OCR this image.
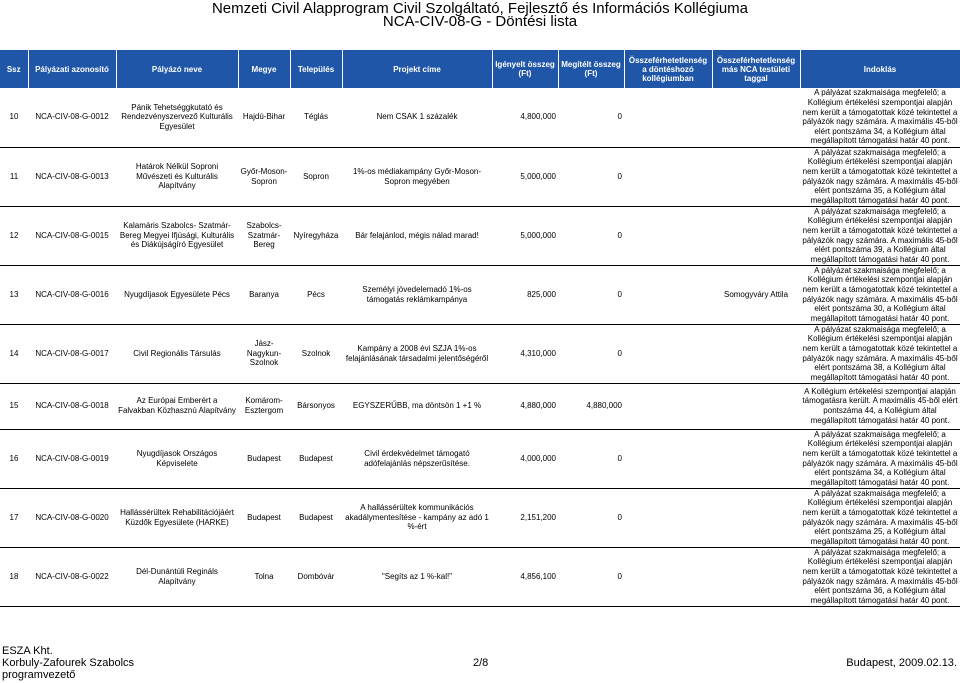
Nemzeti Civil Alapprogram Civil Szolgáltató, Fejlesztő és Információs Kollégiuma
NCA-CIV-08-G - Döntési lista
Ssz	Pályázati azonosító	Pályázó neve	Megye	Település	Projekt címe	Igényelt összeg (Ft)	Megítélt összeg (Ft)	Összeférhetetlenség a döntéshozó kollégiumban	Összeférhetetlenség más NCA testületi taggal	Indoklás
10	NCA-CIV-08-G-0012	Pánik Tehetséggkutató és Rendezvényszervező Kulturális Egyesület	Hajdú-Bihar	Téglás	Nem CSAK 1 százalék	4,800,000	0			A pályázat szakmaisága megfelelő; a Kollégium értékelési szempontjai alapján nem került a támogatottak közé tekintettel a pályázók nagy számára. A maximális 45-ből elért pontszáma 34, a Kollégium által megállapított támogatási határ 40 pont.
11	NCA-CIV-08-G-0013	Határok Nélkül Soproni Művészeti és Kulturális Alapítvány	Győr-Moson-Sopron	Sopron	1%-os médiakampány Győr-Moson-Sopron megyében	5,000,000	0			A pályázat szakmaisága megfelelő; a Kollégium értékelési szempontjai alapján nem került a támogatottak közé tekintettel a pályázók nagy számára. A maximális 45-ből elért pontszáma 35, a Kollégium által megállapított támogatási határ 40 pont.
12	NCA-CIV-08-G-0015	Kalamáris Szabolcs- Szatmár-Bereg Megyei Ifjúsági, Kulturális és Diákújságíró Egyesület	Szabolcs-Szatmár-Bereg	Nyíregyháza	Bár felajánlod, mégis nálad marad!	5,000,000	0			A pályázat szakmaisága megfelelő; a Kollégium értékelési szempontjai alapján nem került a támogatottak közé tekintettel a pályázók nagy számára. A maximális 45-ből elért pontszáma 39, a Kollégium által megállapított támogatási határ 40 pont.
13	NCA-CIV-08-G-0016	Nyugdíjasok Egyesülete Pécs	Baranya	Pécs	Személyi jövedelemadó 1%-os támogatás reklámkampánya	825,000	0		Somogyváry Attila	A pályázat szakmaisága megfelelő; a Kollégium értékelési szempontjai alapján nem került a támogatottak közé tekintettel a pályázók nagy számára. A maximális 45-ből elért pontszáma 30, a Kollégium által megállapított támogatási határ 40 pont.
14	NCA-CIV-08-G-0017	Civil Regionális Társulás	Jász-Nagykun-Szolnok	Szolnok	Kampány a 2008 évi SZJA 1%-os felajánlásának társadalmi jelentőségéről	4,310,000	0			A pályázat szakmaisága megfelelő; a Kollégium értékelési szempontjai alapján nem került a támogatottak közé tekintettel a pályázók nagy számára. A maximális 45-ből elért pontszáma 38, a Kollégium által megállapított támogatási határ 40 pont.
15	NCA-CIV-08-G-0018	Az Európai Emberért a Falvakban Közhasznú Alapítvány	Komárom-Esztergom	Bársonyos	EGYSZERŰBB, ma döntsön 1 +1 %	4,880,000	4,880,000			A Kollégium értékelési szempontjai alapján támogatásra került. A maximális 45-ből elért pontszáma 44, a Kollégium által megállapított támogatási határ 40 pont.
16	NCA-CIV-08-G-0019	Nyugdíjasok Országos Képviselete	Budapest	Budapest	Civil érdekvédelmet támogató adófelajánlás népszerűsítése.	4,000,000	0			A pályázat szakmaisága megfelelő; a Kollégium értékelési szempontjai alapján nem került a támogatottak közé tekintettel a pályázók nagy számára. A maximális 45-ből elért pontszáma 34, a Kollégium által megállapított támogatási határ 40 pont.
17	NCA-CIV-08-G-0020	Hallássérültek Rehabilitációjáért Küzdők Egyesülete (HARKE)	Budapest	Budapest	A hallássérültek kommunikációs akadálymentesítése - kampány az adó 1 %-ért	2,151,200	0			A pályázat szakmaisága megfelelő; a Kollégium értékelési szempontjai alapján nem került a támogatottak közé tekintettel a pályázók nagy számára. A maximális 45-ből elért pontszáma 25, a Kollégium által megállapított támogatási határ 40 pont.
18	NCA-CIV-08-G-0022	Dél-Dunántúli Regináls Alapítvány	Tolna	Dombóvár	"Segíts az 1 %-kal!"	4,856,100	0			A pályázat szakmaisága megfelelő; a Kollégium értékelési szempontjai alapján nem került a támogatottak közé tekintettel a pályázók nagy számára. A maximális 45-ből elért pontszáma 36, a Kollégium által megállapított támogatási határ 40 pont.
ESZA Kht.
Korbuly-Zafourek Szabolcs
programvezető
2/8	Budapest, 2009.02.13.
